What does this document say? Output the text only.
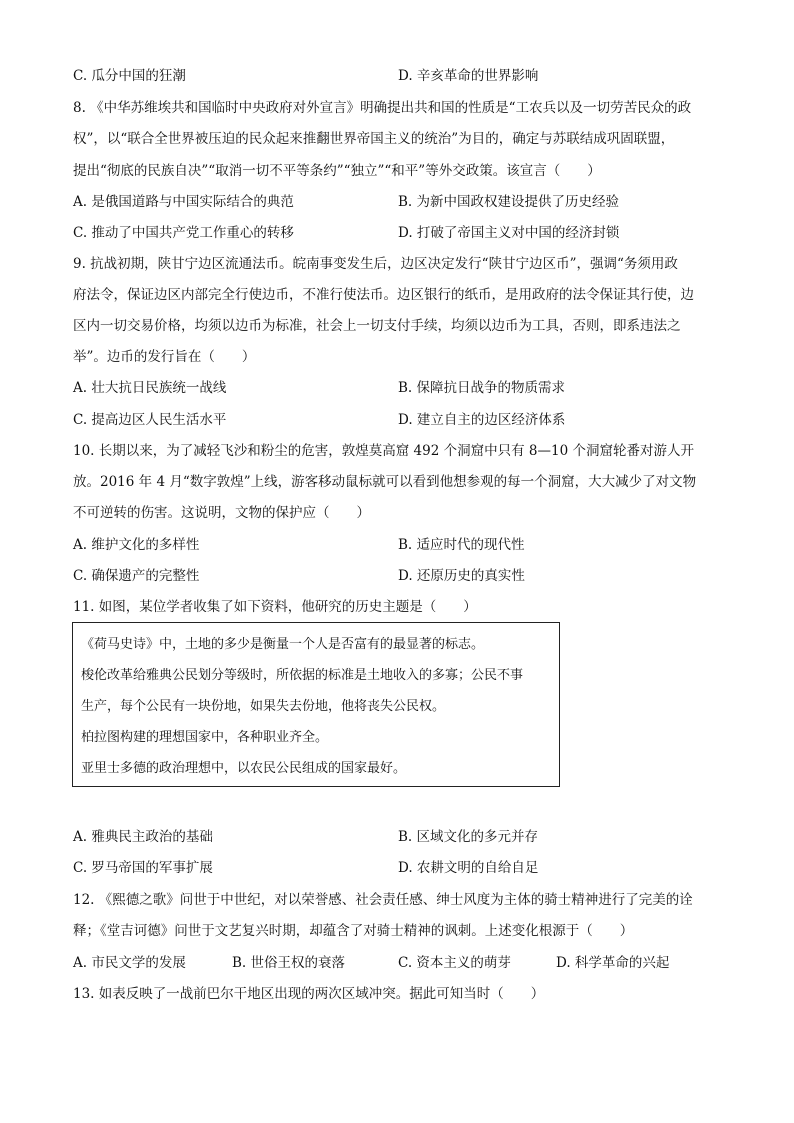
C. 瓜分中国的狂潮	D. 辛亥革命的世界影响
8. 《中华苏维埃共和国临时中央政府对外宣言》明确提出共和国的性质是“工农兵以及一切劳苦民众的政
权”，以“联合全世界被压迫的民众起来推翻世界帝国主义的统治”为目的，确定与苏联结成巩固联盟，
提出“彻底的民族自决”“取消一切不平等条约”“独立”“和平”等外交政策。该宣言（　　）
A. 是俄国道路与中国实际结合的典范	B. 为新中国政权建设提供了历史经验
C. 推动了中国共产党工作重心的转移	D. 打破了帝国主义对中国的经济封锁
9. 抗战初期，陕甘宁边区流通法币。皖南事变发生后，边区决定发行“陕甘宁边区币”，强调“务须用政
府法令，保证边区内部完全行使边币，不准行使法币。边区银行的纸币，是用政府的法令保证其行使，边
区内一切交易价格，均须以边币为标准，社会上一切支付手续，均须以边币为工具，否则，即系违法之
举”。边币的发行旨在（　　）
A. 壮大抗日民族统一战线	B. 保障抗日战争的物质需求
C. 提高边区人民生活水平	D. 建立自主的边区经济体系
10. 长期以来，为了减轻飞沙和粉尘的危害，敦煌莫高窟 492 个洞窟中只有 8—10 个洞窟轮番对游人开
放。2016 年 4 月“数字敦煌”上线，游客移动鼠标就可以看到他想参观的每一个洞窟，大大减少了对文物
不可逆转的伤害。这说明，文物的保护应（　　）
A. 维护文化的多样性	B. 适应时代的现代性
C. 确保遗产的完整性	D. 还原历史的真实性
11. 如图，某位学者收集了如下资料，他研究的历史主题是（　　）
《荷马史诗》中，土地的多少是衡量一个人是否富有的最显著的标志。
梭伦改革给雅典公民划分等级时，所依据的标准是土地收入的多寡；公民不事
生产，每个公民有一块份地，如果失去份地，他将丧失公民权。
柏拉图构建的理想国家中，各种职业齐全。
亚里士多德的政治理想中，以农民公民组成的国家最好。
A. 雅典民主政治的基础	B. 区域文化的多元并存
C. 罗马帝国的军事扩展	D. 农耕文明的自给自足
12. 《熙德之歌》问世于中世纪，对以荣誉感、社会责任感、绅士风度为主体的骑士精神进行了完美的诠
释；《堂吉诃德》问世于文艺复兴时期，却蕴含了对骑士精神的讽刺。上述变化根源于（　　）
A. 市民文学的发展	B. 世俗王权的衰落	C. 资本主义的萌芽	D. 科学革命的兴起
13. 如表反映了一战前巴尔干地区出现的两次区域冲突。据此可知当时（　　）
